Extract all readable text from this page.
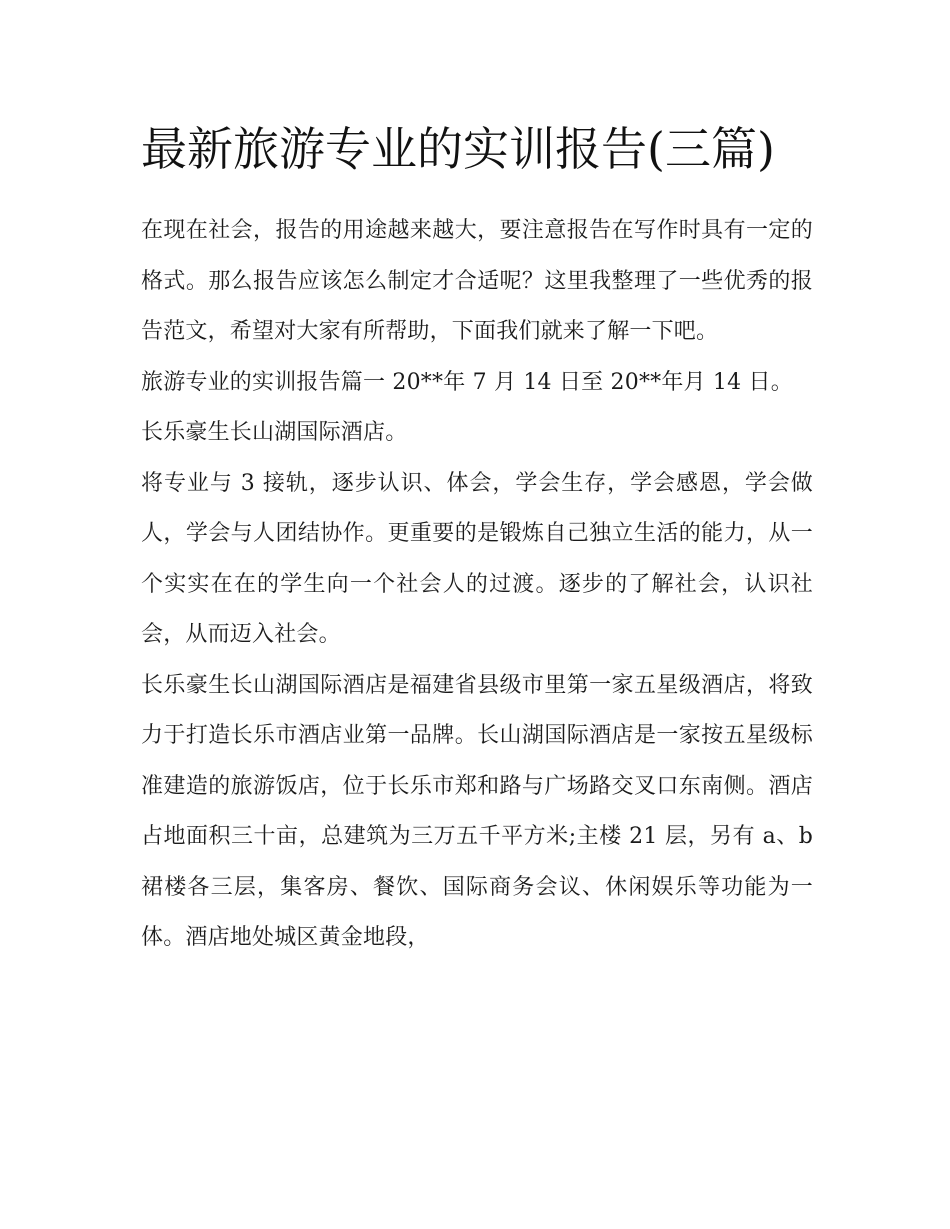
最新旅游专业的实训报告(三篇)

在现在社会，报告的用途越来越大，要注意报告在写作时具有一定的格式。那么报告应该怎么制定才合适呢？这里我整理了一些优秀的报告范文，希望对大家有所帮助，下面我们就来了解一下吧。

旅游专业的实训报告篇一 20**年 7 月 14 日至 20**年月 14 日。

长乐豪生长山湖国际酒店。

将专业与 3 接轨，逐步认识、体会，学会生存，学会感恩，学会做人，学会与人团结协作。更重要的是锻炼自己独立生活的能力，从一个实实在在的学生向一个社会人的过渡。逐步的了解社会，认识社会，从而迈入社会。

长乐豪生长山湖国际酒店是福建省县级市里第一家五星级酒店，将致力于打造长乐市酒店业第一品牌。长山湖国际酒店是一家按五星级标准建造的旅游饭店，位于长乐市郑和路与广场路交叉口东南侧。酒店占地面积三十亩，总建筑为三万五千平方米;主楼 21 层，另有 a、b 裙楼各三层，集客房、餐饮、国际商务会议、休闲娱乐等功能为一体。酒店地处城区黄金地段，
